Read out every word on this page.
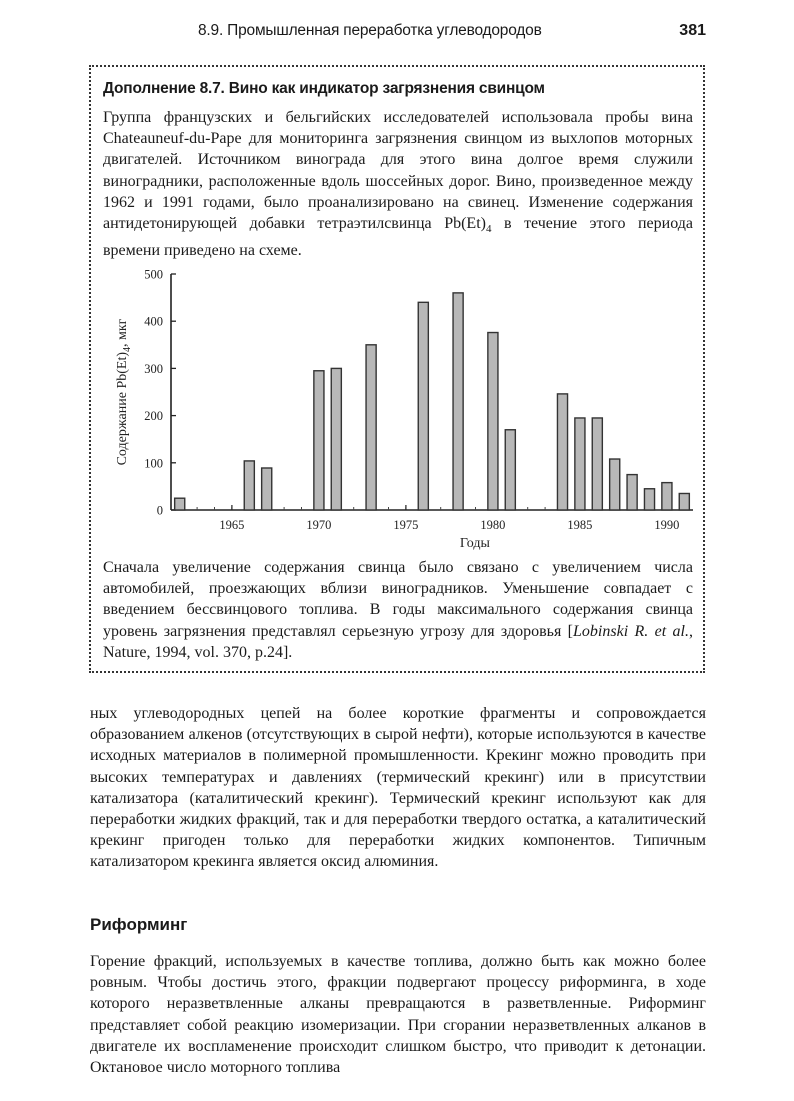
8.9. Промышленная переработка углеводородов	381
Дополнение 8.7. Вино как индикатор загрязнения свинцом
Группа французских и бельгийских исследователей использовала пробы вина Chateauneuf-du-Pape для мониторинга загрязнения свинцом из выхлопов моторных двигателей. Источником винограда для этого вина долгое время служили виноградники, расположенные вдоль шоссейных дорог. Вино, произведенное между 1962 и 1991 годами, было проанализировано на свинец. Изменение содержания антидетонирующей добавки тетраэтилсвинца $Pb(Et)_4$ в течение этого периода времени приведено на схеме.
0
100
200
300
400
500
1965	1970	1975	1980	1985	1990
Годы
Содержание $Pb(Et)_4$, мкг
Сначала увеличение содержания свинца было связано с увеличением числа автомобилей, проезжающих вблизи виноградников. Уменьшение совпадает с введением бессвинцового топлива. В годы максимального содержания свинца уровень загрязнения представлял серьезную угрозу для здоровья [Lobinski R. et al., Nature, 1994, vol. 370, p.24].
ных углеводородных цепей на более короткие фрагменты и сопровождается образованием алкенов (отсутствующих в сырой нефти), которые используются в качестве исходных материалов в полимерной промышленности. Крекинг можно проводить при высоких температурах и давлениях (термический крекинг) или в присутствии катализатора (каталитический крекинг). Термический крекинг используют как для переработки жидких фракций, так и для переработки твердого остатка, а каталитический крекинг пригоден только для переработки жидких компонентов. Типичным катализатором крекинга является оксид алюминия.
Риформинг
Горение фракций, используемых в качестве топлива, должно быть как можно более ровным. Чтобы достичь этого, фракции подвергают процессу риформинга, в ходе которого неразветвленные алканы превращаются в разветвленные. Риформинг представляет собой реакцию изомеризации. При сгорании неразветвленных алканов в двигателе их воспламенение происходит слишком быстро, что приводит к детонации. Октановое число моторного топлива
